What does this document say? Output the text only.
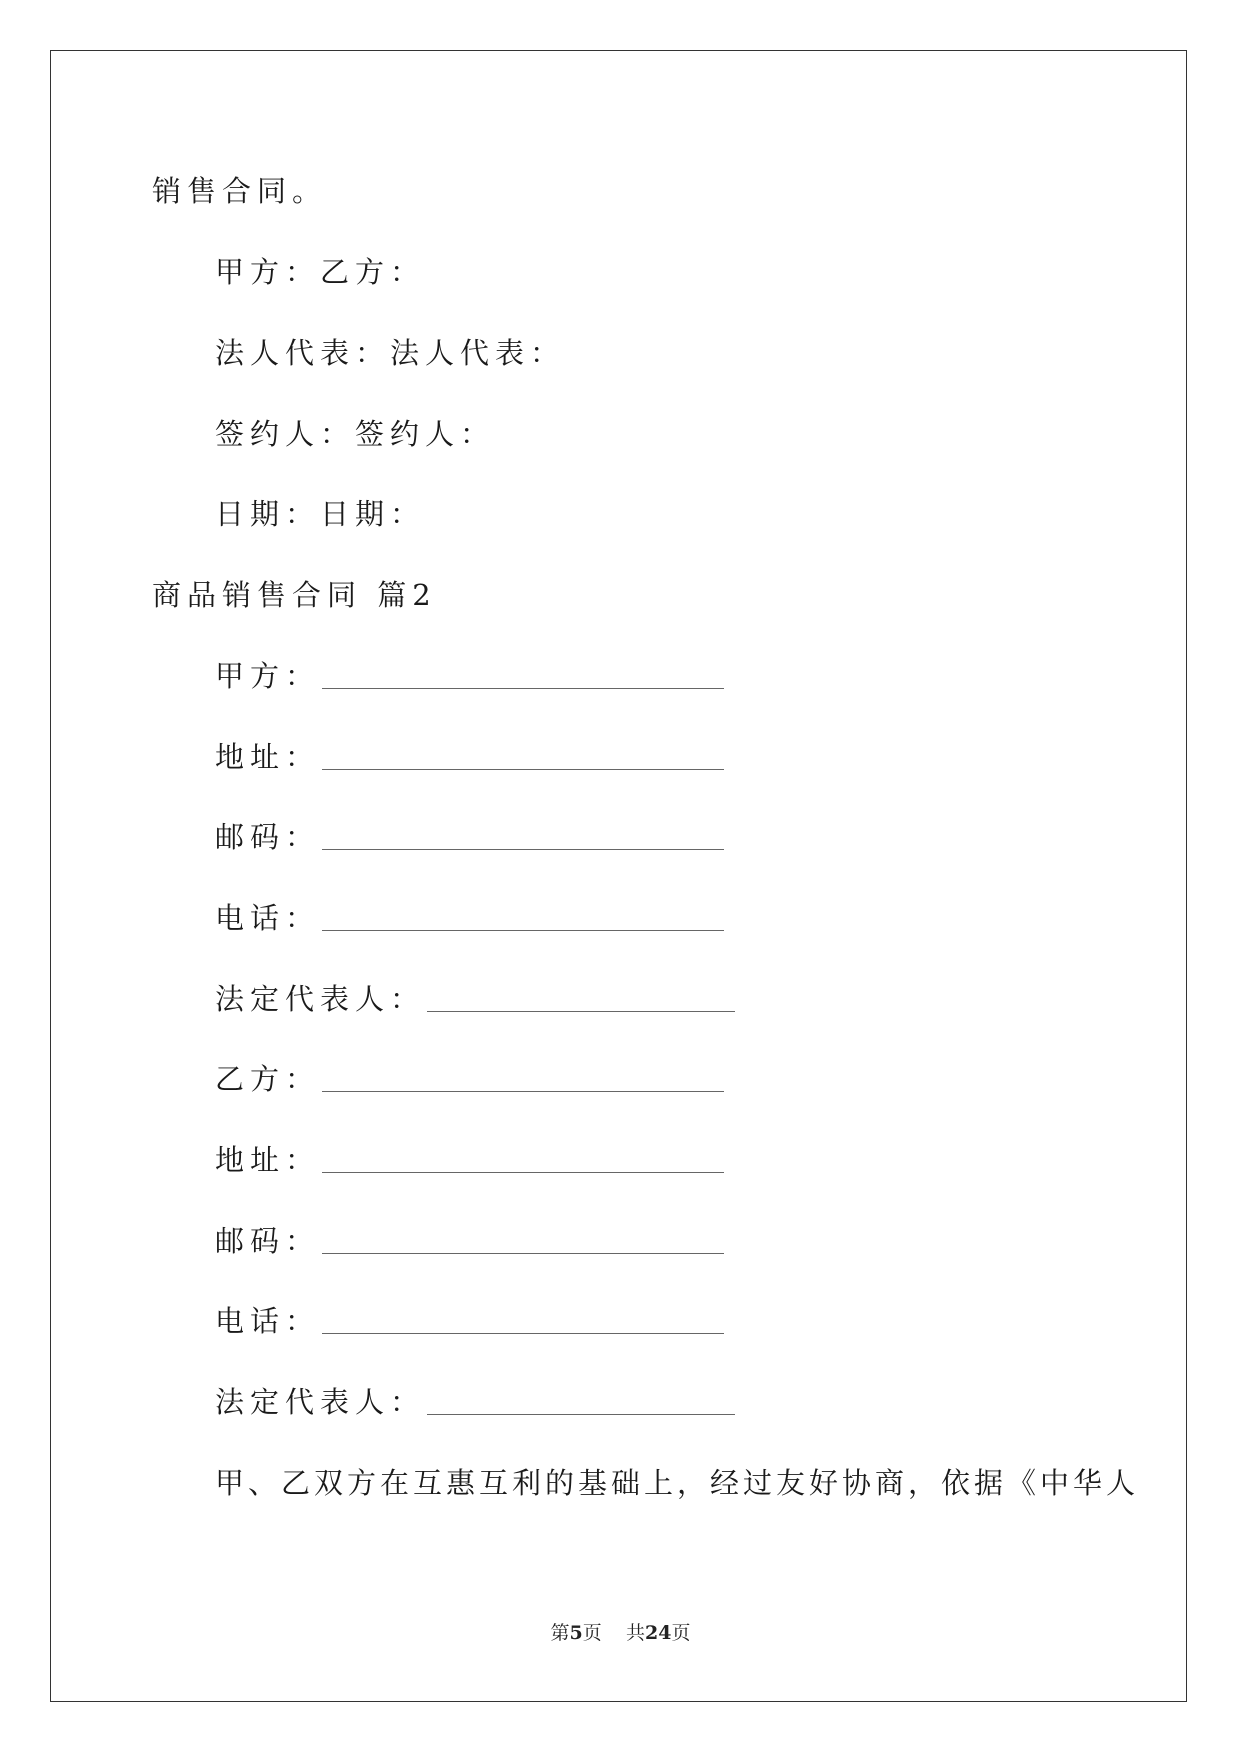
销售合同。
甲方：乙方：
法人代表：法人代表：
签约人：签约人：
日期：日期：
商品销售合同 篇2
甲方：
地址：
邮码：
电话：
法定代表人：
乙方：
地址：
邮码：
电话：
法定代表人：
甲、乙双方在互惠互利的基础上，经过友好协商，依据《中华人
第5页 共24页
